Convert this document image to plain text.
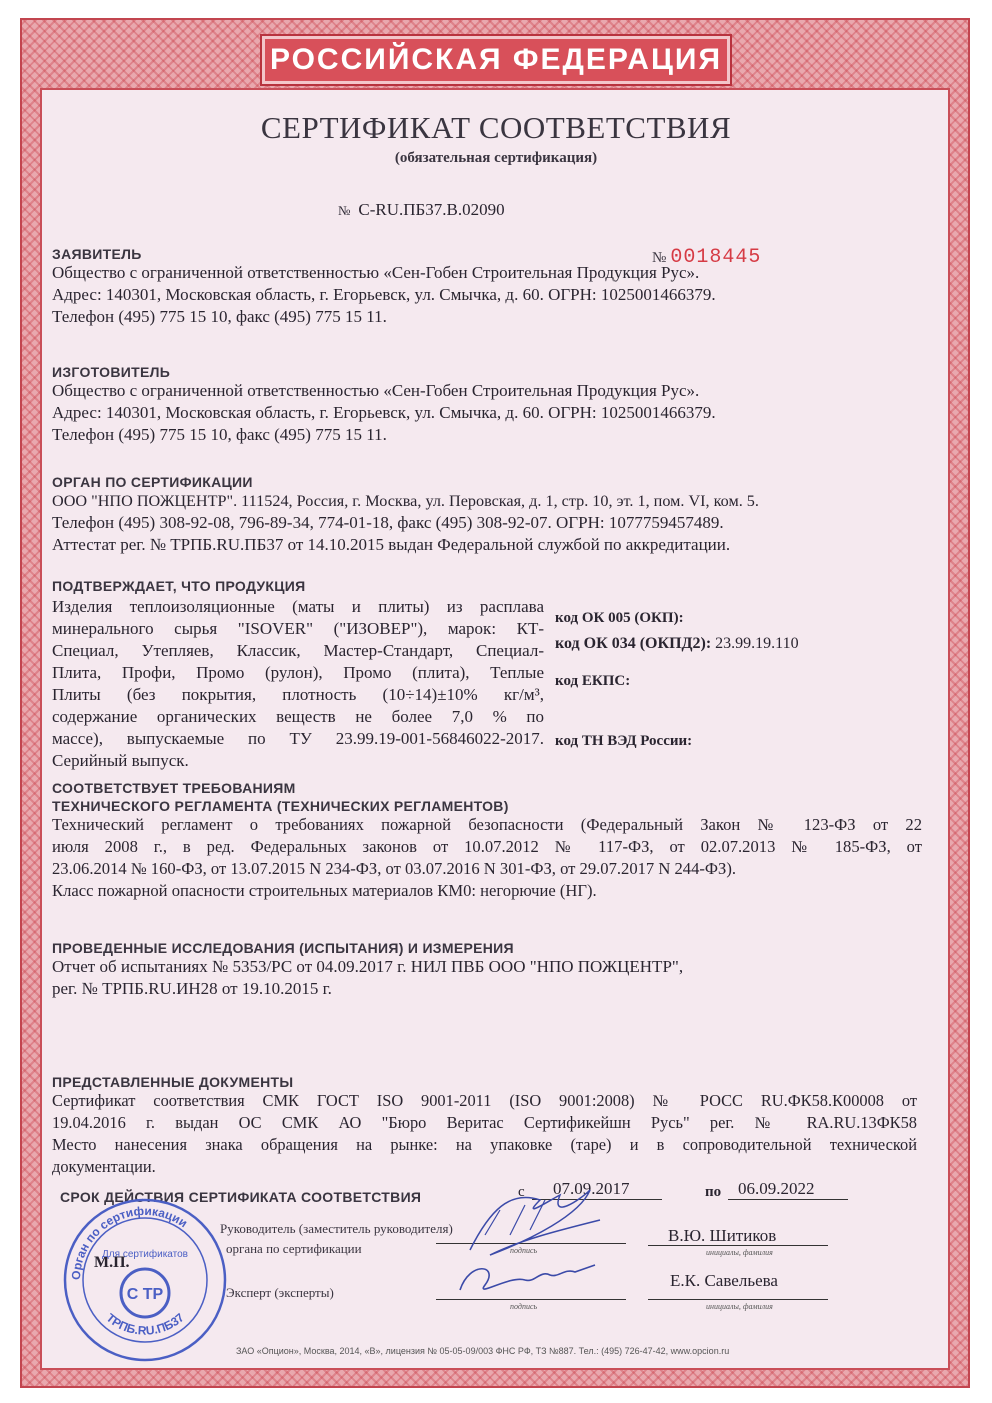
РОССИЙСКАЯ ФЕДЕРАЦИЯ
СЕРТИФИКАТ СООТВЕТСТВИЯ
(обязательная сертификация)
№ C-RU.ПБ37.В.02090
ЗАЯВИТЕЛЬ
Общество с ограниченной ответственностью «Сен-Гобен Строительная Продукция Рус».
Адрес: 140301, Московская область, г. Егорьевск, ул. Смычка, д. 60. ОГРН: 1025001466379.
Телефон (495) 775 15 10, факс (495) 775 15 11.
№ 0018445
ИЗГОТОВИТЕЛЬ
Общество с ограниченной ответственностью «Сен-Гобен Строительная Продукция Рус».
Адрес: 140301, Московская область, г. Егорьевск, ул. Смычка, д. 60. ОГРН: 1025001466379.
Телефон (495) 775 15 10, факс (495) 775 15 11.
ОРГАН ПО СЕРТИФИКАЦИИ
ООО "НПО ПОЖЦЕНТР". 111524, Россия, г. Москва, ул. Перовская, д. 1, стр. 10, эт. 1, пом. VI, ком. 5.
Телефон (495) 308-92-08, 796-89-34, 774-01-18, факс (495) 308-92-07. ОГРН: 1077759457489.
Аттестат рег. № ТРПБ.RU.ПБ37 от 14.10.2015 выдан Федеральной службой по аккредитации.
ПОДТВЕРЖДАЕТ, ЧТО ПРОДУКЦИЯ
Изделия теплоизоляционные (маты и плиты) из расплава
минерального сырья "ISOVER" ("ИЗОВЕР"), марок: КТ-
Специал, Утепляев, Классик, Мастер-Стандарт, Специал-
Плита, Профи, Промо (рулон), Промо (плита), Теплые
Плиты (без покрытия, плотность (10÷14)±10% кг/м³,
содержание органических веществ не более 7,0 % по
массе), выпускаемые по ТУ 23.99.19-001-56846022-2017.
Серийный выпуск.
код ОК 005 (ОКП):
код ОК 034 (ОКПД2): 23.99.19.110
код ЕКПС:
код ТН ВЭД России:
СООТВЕТСТВУЕТ ТРЕБОВАНИЯМ
ТЕХНИЧЕСКОГО РЕГЛАМЕНТА (ТЕХНИЧЕСКИХ РЕГЛАМЕНТОВ)
Технический регламент о требованиях пожарной безопасности (Федеральный Закон № 123-ФЗ от 22
июля 2008 г., в ред. Федеральных законов от 10.07.2012 № 117-ФЗ, от 02.07.2013 № 185-ФЗ, от
23.06.2014 № 160-ФЗ, от 13.07.2015 N 234-ФЗ, от 03.07.2016 N 301-ФЗ, от 29.07.2017 N 244-ФЗ).
Класс пожарной опасности строительных материалов КМ0: негорючие (НГ).
ПРОВЕДЕННЫЕ ИССЛЕДОВАНИЯ (ИСПЫТАНИЯ) И ИЗМЕРЕНИЯ
Отчет об испытаниях № 5353/РС от 04.09.2017 г. НИЛ ПВБ ООО "НПО ПОЖЦЕНТР",
рег. № ТРПБ.RU.ИН28 от 19.10.2015 г.
ПРЕДСТАВЛЕННЫЕ ДОКУМЕНТЫ
Сертификат соответствия СМК ГОСТ ISO 9001-2011 (ISO 9001:2008) № РОСС RU.ФК58.К00008 от
19.04.2016 г. выдан ОС СМК АО "Бюро Веритас Сертификейшн Русь" рег. № RA.RU.13ФК58
Место нанесения знака обращения на рынке: на упаковке (таре) и в сопроводительной технической
документации.
СРОК ДЕЙСТВИЯ СЕРТИФИКАТА СООТВЕТСТВИЯ	с 07.09.2017	по 06.09.2022
Руководитель (заместитель руководителя)
органа по сертификации	подпись
В.Ю. Шитиков
инициалы, фамилия
М.П.
Эксперт (эксперты)
подпись
Е.К. Савельева
инициалы, фамилия
Орган по сертификации
ТРПБ.RU.ПБ37
Для сертификатов
С ТР
ЗАО «Опцион», Москва, 2014, «В», лицензия № 05-05-09/003 ФНС РФ, ТЗ №887. Тел.: (495) 726-47-42, www.opcion.ru
